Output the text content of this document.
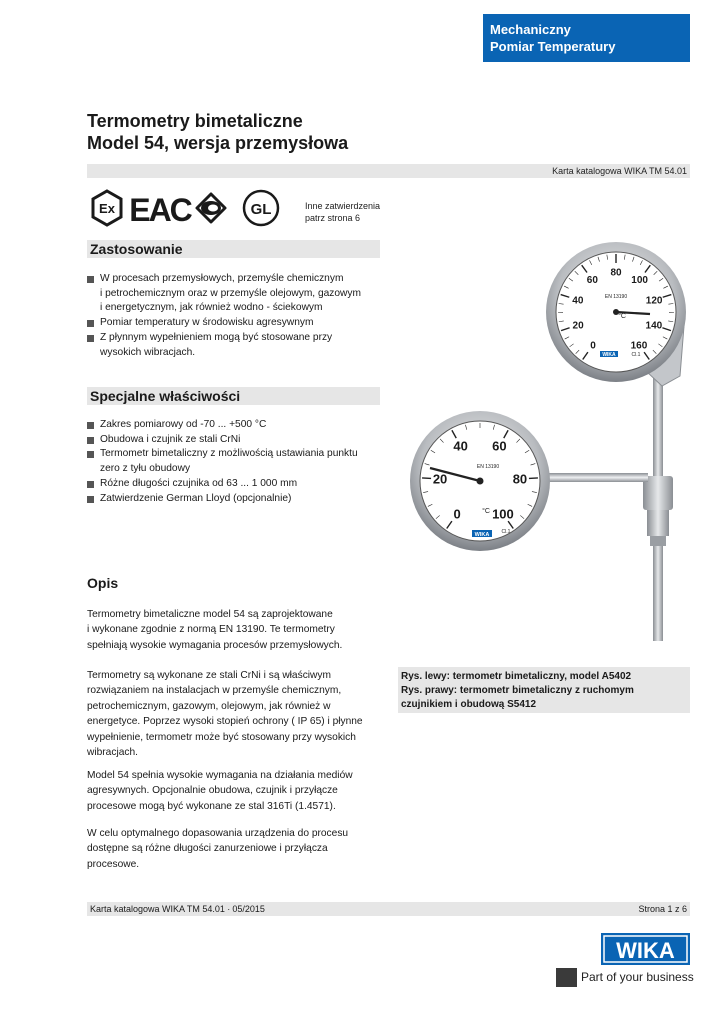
Mechaniczny
Pomiar Temperatury
Termometry bimetaliczne
Model 54, wersja przemysłowa
Karta katalogowa WIKA TM 54.01
Ex EAC	GL	Inne zatwierdzenia
patrz strona 6
Zastosowanie
W procesach przemysłowych, przemyśle chemicznym
i petrochemicznym oraz w przemyśle olejowym, gazowym
i energetycznym, jak również wodno - ściekowym
Pomiar temperatury w środowisku agresywnym
Z płynnym wypełnieniem mogą być stosowane przy
wysokich wibracjach.
Specjalne właściwości
Zakres pomiarowy od -70 ... +500 °C
Obudowa i czujnik ze stali CrNi
Termometr bimetaliczny z możliwością ustawiania punktu
zero z tyłu obudowy
Różne długości czujnika od 63 ... 1 000 mm
Zatwierdzenie German Lloyd (opcjonalnie)
Opis
Termometry bimetaliczne model 54 są zaprojektowane
i wykonane zgodnie z normą EN 13190. Te termometry
spełniają wysokie wymagania procesów przemysłowych.
Termometry są wykonane ze stali CrNi i są właściwym
rozwiązaniem na instalacjach w przemyśle chemicznym,
petrochemicznym, gazowym, olejowym, jak również w
energetyce. Poprzez wysoki stopień ochrony ( IP 65) i płynne
wypełnienie, termometr może być stosowany przy wysokich
wibracjach.
Model 54 spełnia wysokie wymagania na działania mediów
agresywnych. Opcjonalnie obudowa, czujnik i przyłącze
procesowe mogą być wykonane ze stal 316Ti (1.4571).
W celu optymalnego dopasowania urządzenia do procesu
dostępne są różne długości zanurzeniowe i przyłącza
procesowe.
0
20
40
60
80
100
120
140
160
EN 13190
°C
WIKA	Cl.1
0
20
40 60
80
100
EN 13190
°C
WIKA Cl.1
Rys. lewy: termometr bimetaliczny, model A5402
Rys. prawy: termometr bimetaliczny z ruchomym
czujnikiem i obudową S5412
Karta katalogowa WIKA TM 54.01 ∙ 05/2015	Strona 1 z 6
WIKA
Part of your business
